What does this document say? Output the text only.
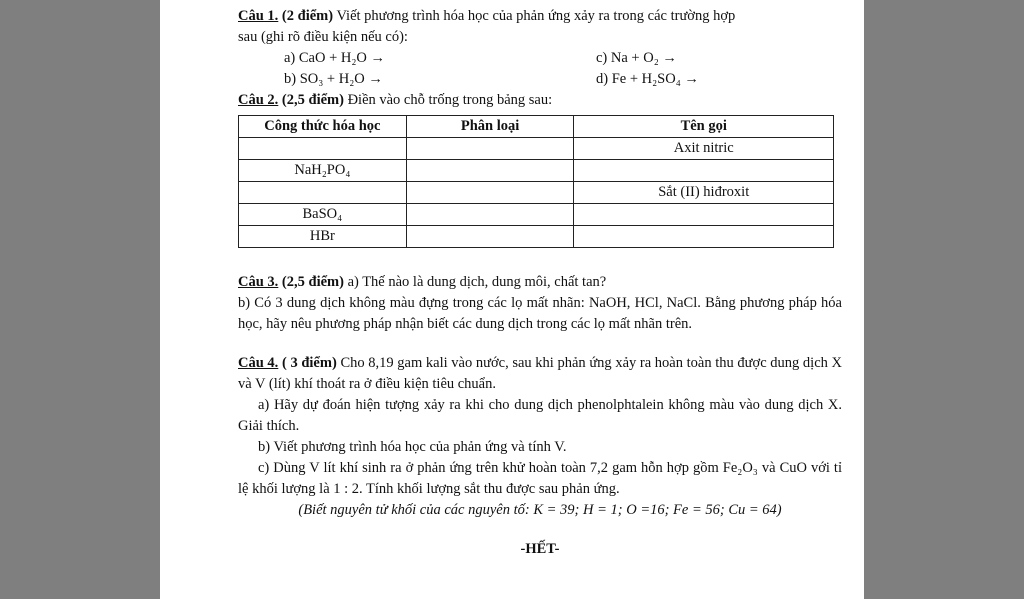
Câu 1. (2 điểm) Viết phương trình hóa học của phản ứng xảy ra trong các trường hợp

sau (ghi rõ điều kiện nếu có):

a) CaO + H₂O →	c) Na + O₂ →
b) SO₃ + H₂O →	d) Fe + H₂SO₄ →

Câu 2. (2,5 điểm) Điền vào chỗ trống trong bảng sau:

Công thức hóa học	Phân loại	Tên gọi
		Axit nitric
NaH₂PO₄		
		Sắt (II) hiđroxit
BaSO₄		
HBr		

Câu 3. (2,5 điểm) a) Thế nào là dung dịch, dung môi, chất tan?

b) Có 3 dung dịch không màu đựng trong các lọ mất nhãn: NaOH, HCl, NaCl. Bằng phương pháp hóa học, hãy nêu phương pháp nhận biết các dung dịch trong các lọ mất nhãn trên.

Câu 4. ( 3 điểm) Cho 8,19 gam kali vào nước, sau khi phản ứng xảy ra hoàn toàn thu được dung dịch X và V (lít) khí thoát ra ở điều kiện tiêu chuẩn.

a) Hãy dự đoán hiện tượng xảy ra khi cho dung dịch phenolphtalein không màu vào dung dịch X. Giải thích.

b) Viết phương trình hóa học của phản ứng và tính V.

c) Dùng V lít khí sinh ra ở phản ứng trên khử hoàn toàn 7,2 gam hỗn hợp gồm Fe₂O₃ và CuO với tỉ lệ khối lượng là 1 : 2. Tính khối lượng sắt thu được sau phản ứng.

(Biết nguyên tử khối của các nguyên tố: K = 39; H = 1; O =16; Fe = 56; Cu = 64)

-HẾT-
